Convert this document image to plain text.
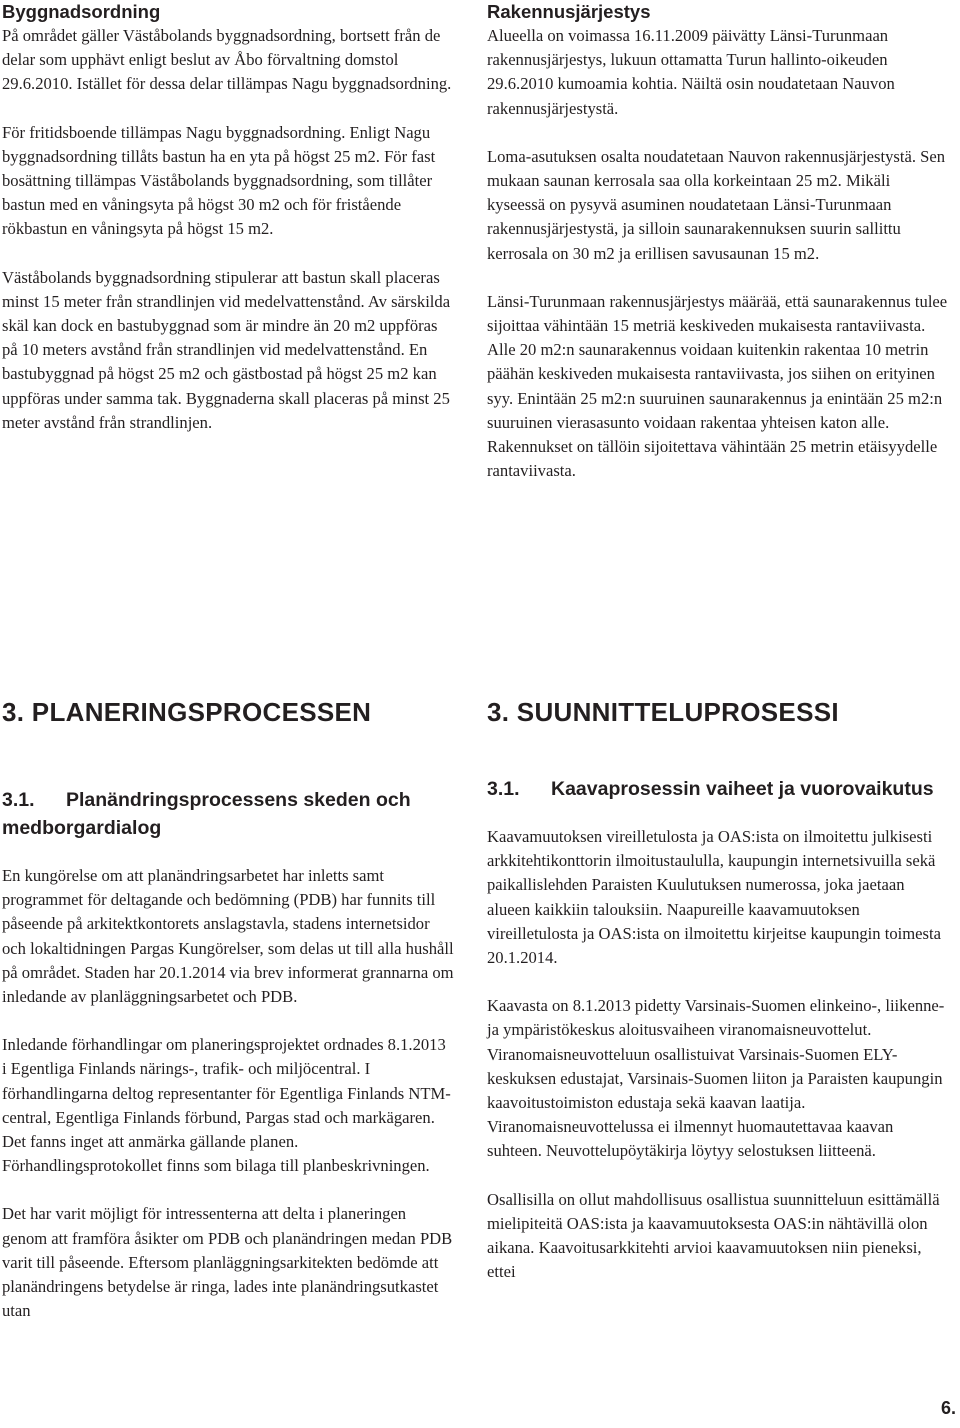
Byggnadsordning

På området gäller Väståbolands byggnadsordning, bortsett från de delar som upphävt enligt beslut av Åbo förvaltning domstol 29.6.2010. Istället för dessa delar tillämpas Nagu byggnadsordning.

För fritidsboende tillämpas Nagu byggnadsordning. Enligt Nagu byggnadsordning tillåts bastun ha en yta på högst 25 m2. För fast bosättning tillämpas Väståbolands byggnadsordning, som tillåter bastun med en våningsyta på högst 30 m2 och för fristående rökbastun en våningsyta på högst 15 m2.

Väståbolands byggnadsordning stipulerar att bastun skall placeras minst 15 meter från strandlinjen vid medelvattenstånd. Av särskilda skäl kan dock en bastubyggnad som är mindre än 20 m2 uppföras på 10 meters avstånd från strandlinjen vid medelvattenstånd. En bastubyggnad på högst 25 m2 och gästbostad på högst 25 m2 kan uppföras under samma tak. Byggnaderna skall placeras på minst 25 meter avstånd från strandlinjen.

Rakennusjärjestys

Alueella on voimassa 16.11.2009 päivätty Länsi-Turunmaan rakennusjärjestys, lukuun ottamatta Turun hallinto-oikeuden 29.6.2010 kumoamia kohtia. Näiltä osin noudatetaan Nauvon rakennusjärjestystä.

Loma-asutuksen osalta noudatetaan Nauvon rakennusjärjestystä. Sen mukaan saunan kerrosala saa olla korkeintaan 25 m2. Mikäli kyseessä on pysyvä asuminen noudatetaan Länsi-Turunmaan rakennusjärjestystä, ja silloin saunarakennuksen suurin sallittu kerrosala on 30 m2 ja erillisen savusaunan 15 m2.

Länsi-Turunmaan rakennusjärjestys määrää, että saunarakennus tulee sijoittaa vähintään 15 metriä keskiveden mukaisesta rantaviivasta. Alle 20 m2:n saunarakennus voidaan kuitenkin rakentaa 10 metrin päähän keskiveden mukaisesta rantaviivasta, jos siihen on erityinen syy. Enintään 25 m2:n suuruinen saunarakennus ja enintään 25 m2:n suuruinen vierasasunto voidaan rakentaa yhteisen katon alle. Rakennukset on tällöin sijoitettava vähintään 25 metrin etäisyydelle rantaviivasta.

3. PLANERINGSPROCESSEN	3. SUUNNITTELUPROSESSI
3.1. Planändringsprocessens skeden och medborgardialog

En kungörelse om att planändringsarbetet har inletts samt programmet för deltagande och bedömning (PDB) har funnits till påseende på arkitektkontorets anslagstavla, stadens internetsidor och lokaltidningen Pargas Kungörelser, som delas ut till alla hushåll på området. Staden har 20.1.2014 via brev informerat grannarna om inledande av planläggningsarbetet och PDB.

Inledande förhandlingar om planeringsprojektet ordnades 8.1.2013 i Egentliga Finlands närings-, trafik- och miljöcentral. I förhandlingarna deltog representanter för Egentliga Finlands NTM-central, Egentliga Finlands förbund, Pargas stad och markägaren. Det fanns inget att anmärka gällande planen. Förhandlingsprotokollet finns som bilaga till planbeskrivningen.

Det har varit möjligt för intressenterna att delta i planeringen genom att framföra åsikter om PDB och planändringen medan PDB varit till påseende. Eftersom planläggningsarkitekten bedömde att planändringens betydelse är ringa, lades inte planändringsutkastet utan

3.1. Kaavaprosessin vaiheet ja vuorovaikutus

Kaavamuutoksen vireilletulosta ja OAS:ista on ilmoitettu julkisesti arkkitehtikonttorin ilmoitustaululla, kaupungin internetsivuilla sekä paikallislehden Paraisten Kuulutuksen numerossa, joka jaetaan alueen kaikkiin talouksiin. Naapureille kaavamuutoksen vireilletulosta ja OAS:ista on ilmoitettu kirjeitse kaupungin toimesta 20.1.2014.

Kaavasta on 8.1.2013 pidetty Varsinais-Suomen elinkeino-, liikenne- ja ympäristökeskus aloitusvaiheen viranomaisneuvottelut. Viranomaisneuvotteluun osallistuivat Varsinais-Suomen ELY-keskuksen edustajat, Varsinais-Suomen liiton ja Paraisten kaupungin kaavoitustoimiston edustaja sekä kaavan laatija. Viranomaisneuvottelussa ei ilmennyt huomautettavaa kaavan suhteen. Neuvottelupöytäkirja löytyy selostuksen liitteenä.

Osallisilla on ollut mahdollisuus osallistua suunnitteluun esittämällä mielipiteitä OAS:ista ja kaavamuutoksesta OAS:in nähtävillä olon aikana. Kaavoitusarkkitehti arvioi kaavamuutoksen niin pieneksi, ettei

6.
